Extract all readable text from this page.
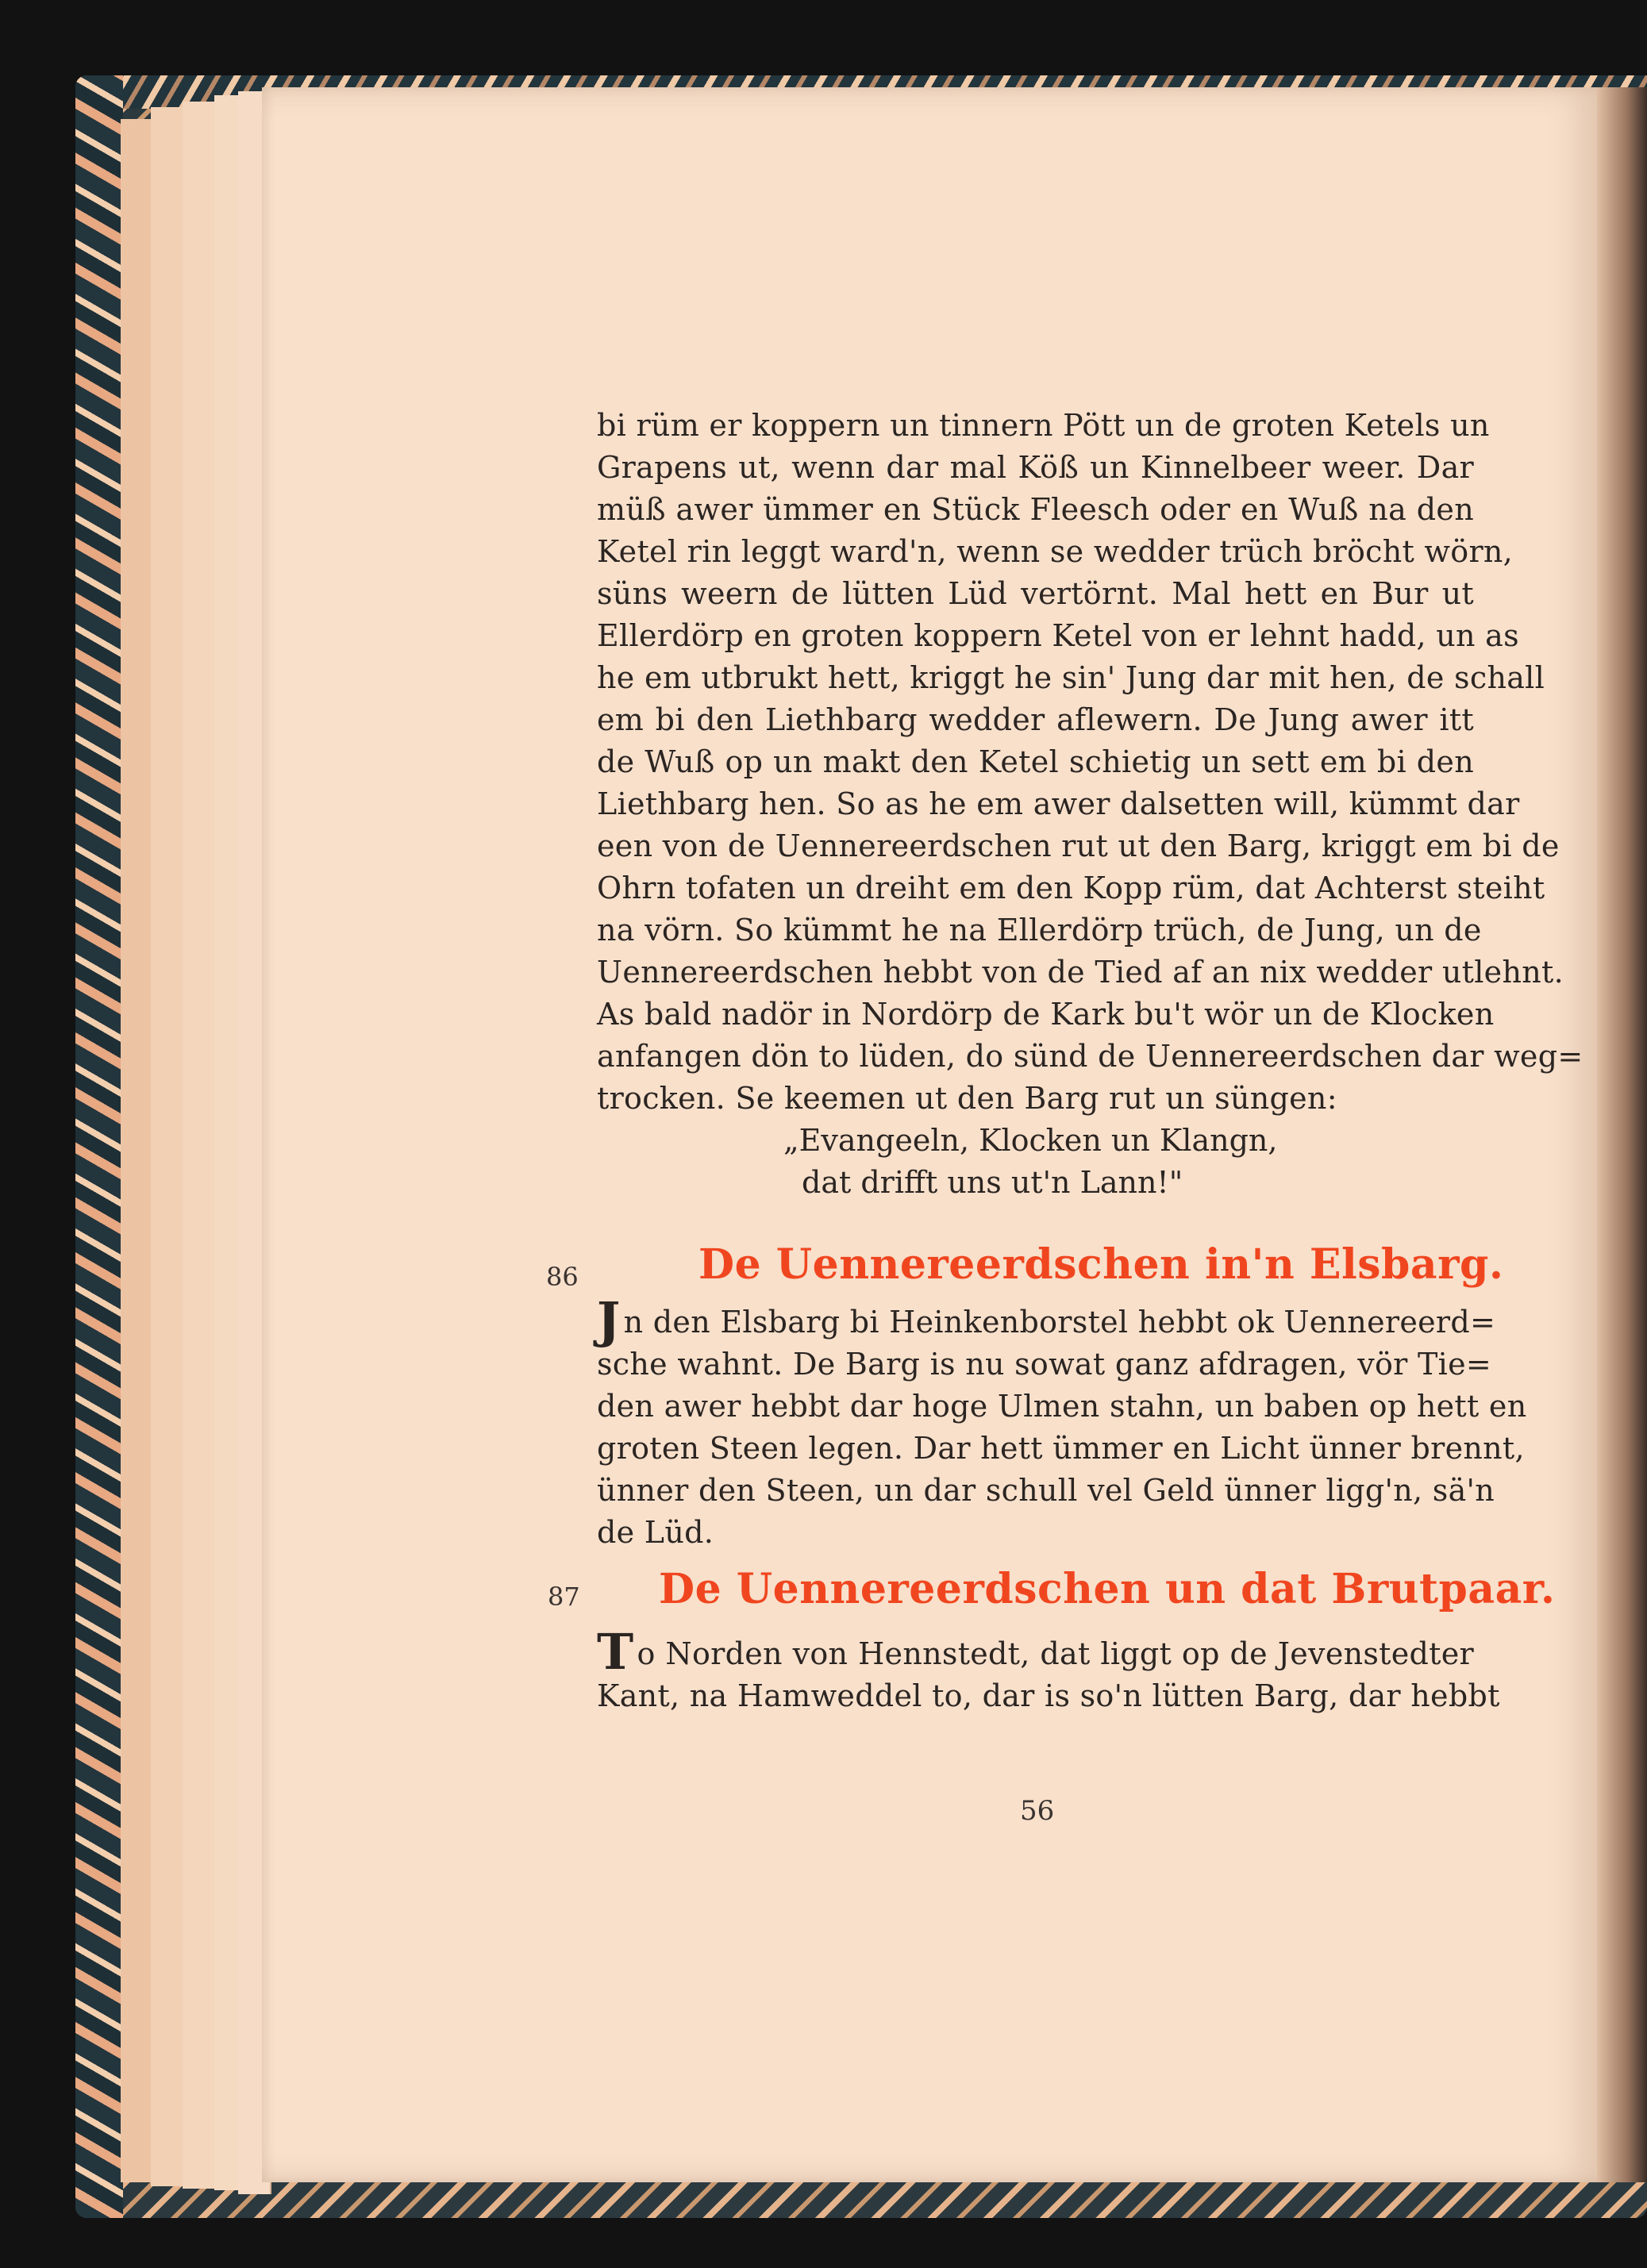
bi rüm er koppern un tinnern Pött un de groten Ketels un
Grapens ut, wenn dar mal Köß un Kinnelbeer weer. Dar
müß awer ümmer en Stück Fleesch oder en Wuß na den
Ketel rin leggt ward'n, wenn se wedder trüch bröcht wörn,
süns weern de lütten Lüd vertörnt. Mal hett en Bur ut
Ellerdörp en groten koppern Ketel von er lehnt hadd, un as
he em utbrukt hett, kriggt he sin' Jung dar mit hen, de schall
em bi den Liethbarg wedder aflewern. De Jung awer itt
de Wuß op un makt den Ketel schietig un sett em bi den
Liethbarg hen. So as he em awer dalsetten will, kümmt dar
een von de Uennereerdschen rut ut den Barg, kriggt em bi de
Ohrn tofaten un dreiht em den Kopp rüm, dat Achterst steiht
na vörn. So kümmt he na Ellerdörp trüch, de Jung, un de
Uennereerdschen hebbt von de Tied af an nix wedder utlehnt.
As bald nadör in Nordörp de Kark bu't wör un de Klocken
anfangen dön to lüden, do sünd de Uennereerdschen dar weg=
trocken. Se keemen ut den Barg rut un süngen:
„Evangeeln, Klocken un Klangn,
dat drifft uns ut'n Lann!"
86	De Uennereerdschen in'n Elsbarg.
Jn den Elsbarg bi Heinkenborstel hebbt ok Uennereerd=
sche wahnt. De Barg is nu sowat ganz afdragen, vör Tie=
den awer hebbt dar hoge Ulmen stahn, un baben op hett en
groten Steen legen. Dar hett ümmer en Licht ünner brennt,
ünner den Steen, un dar schull vel Geld ünner ligg'n, sä'n
de Lüd.
87 De Uennereerdschen un dat Brutpaar.
To Norden von Hennstedt, dat liggt op de Jevenstedter
Kant, na Hamweddel to, dar is so'n lütten Barg, dar hebbt
56
